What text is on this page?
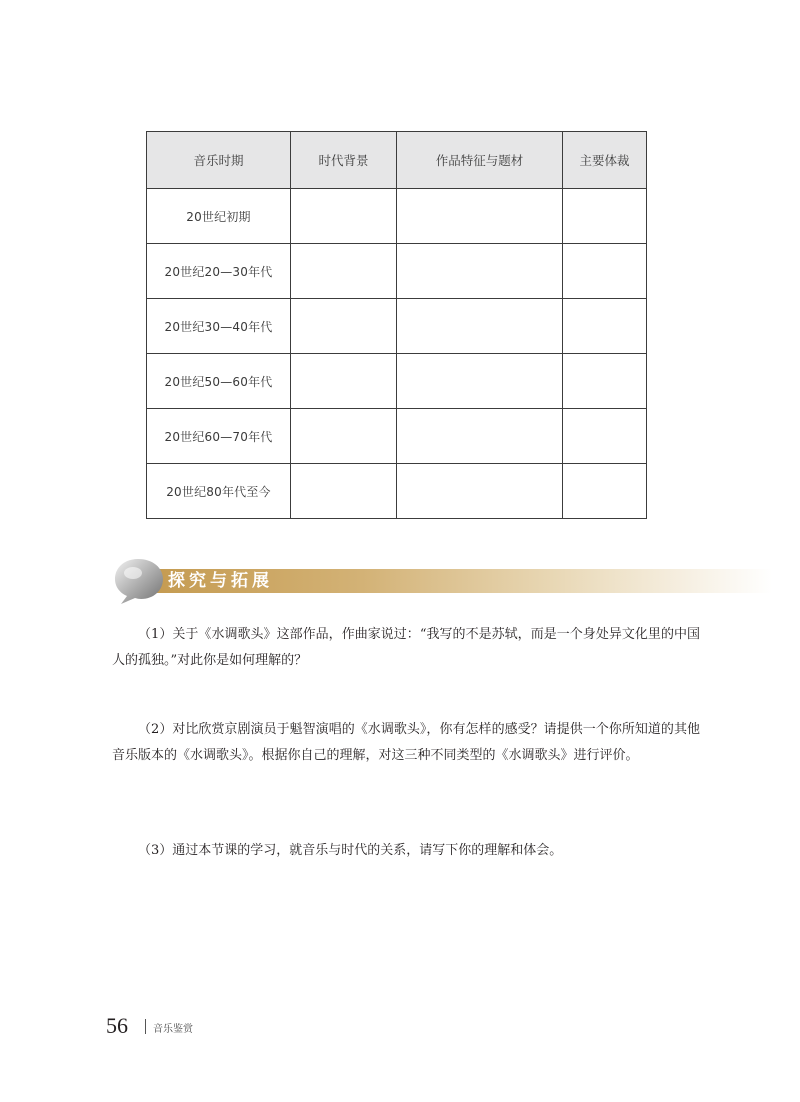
音乐时期	时代背景	作品特征与题材	主要体裁
20世纪初期			
20世纪20—30年代			
20世纪30—40年代			
20世纪50—60年代			
20世纪60—70年代			
20世纪80年代至今			
探究与拓展

（1）关于《水调歌头》这部作品，作曲家说过：“我写的不是苏轼，而是一个身处异文化里的中国人的孤独。”对此你是如何理解的？

（2）对比欣赏京剧演员于魁智演唱的《水调歌头》，你有怎样的感受？请提供一个你所知道的其他音乐版本的《水调歌头》。根据你自己的理解，对这三种不同类型的《水调歌头》进行评价。

（3）通过本节课的学习，就音乐与时代的关系，请写下你的理解和体会。

56	音乐鉴赏
